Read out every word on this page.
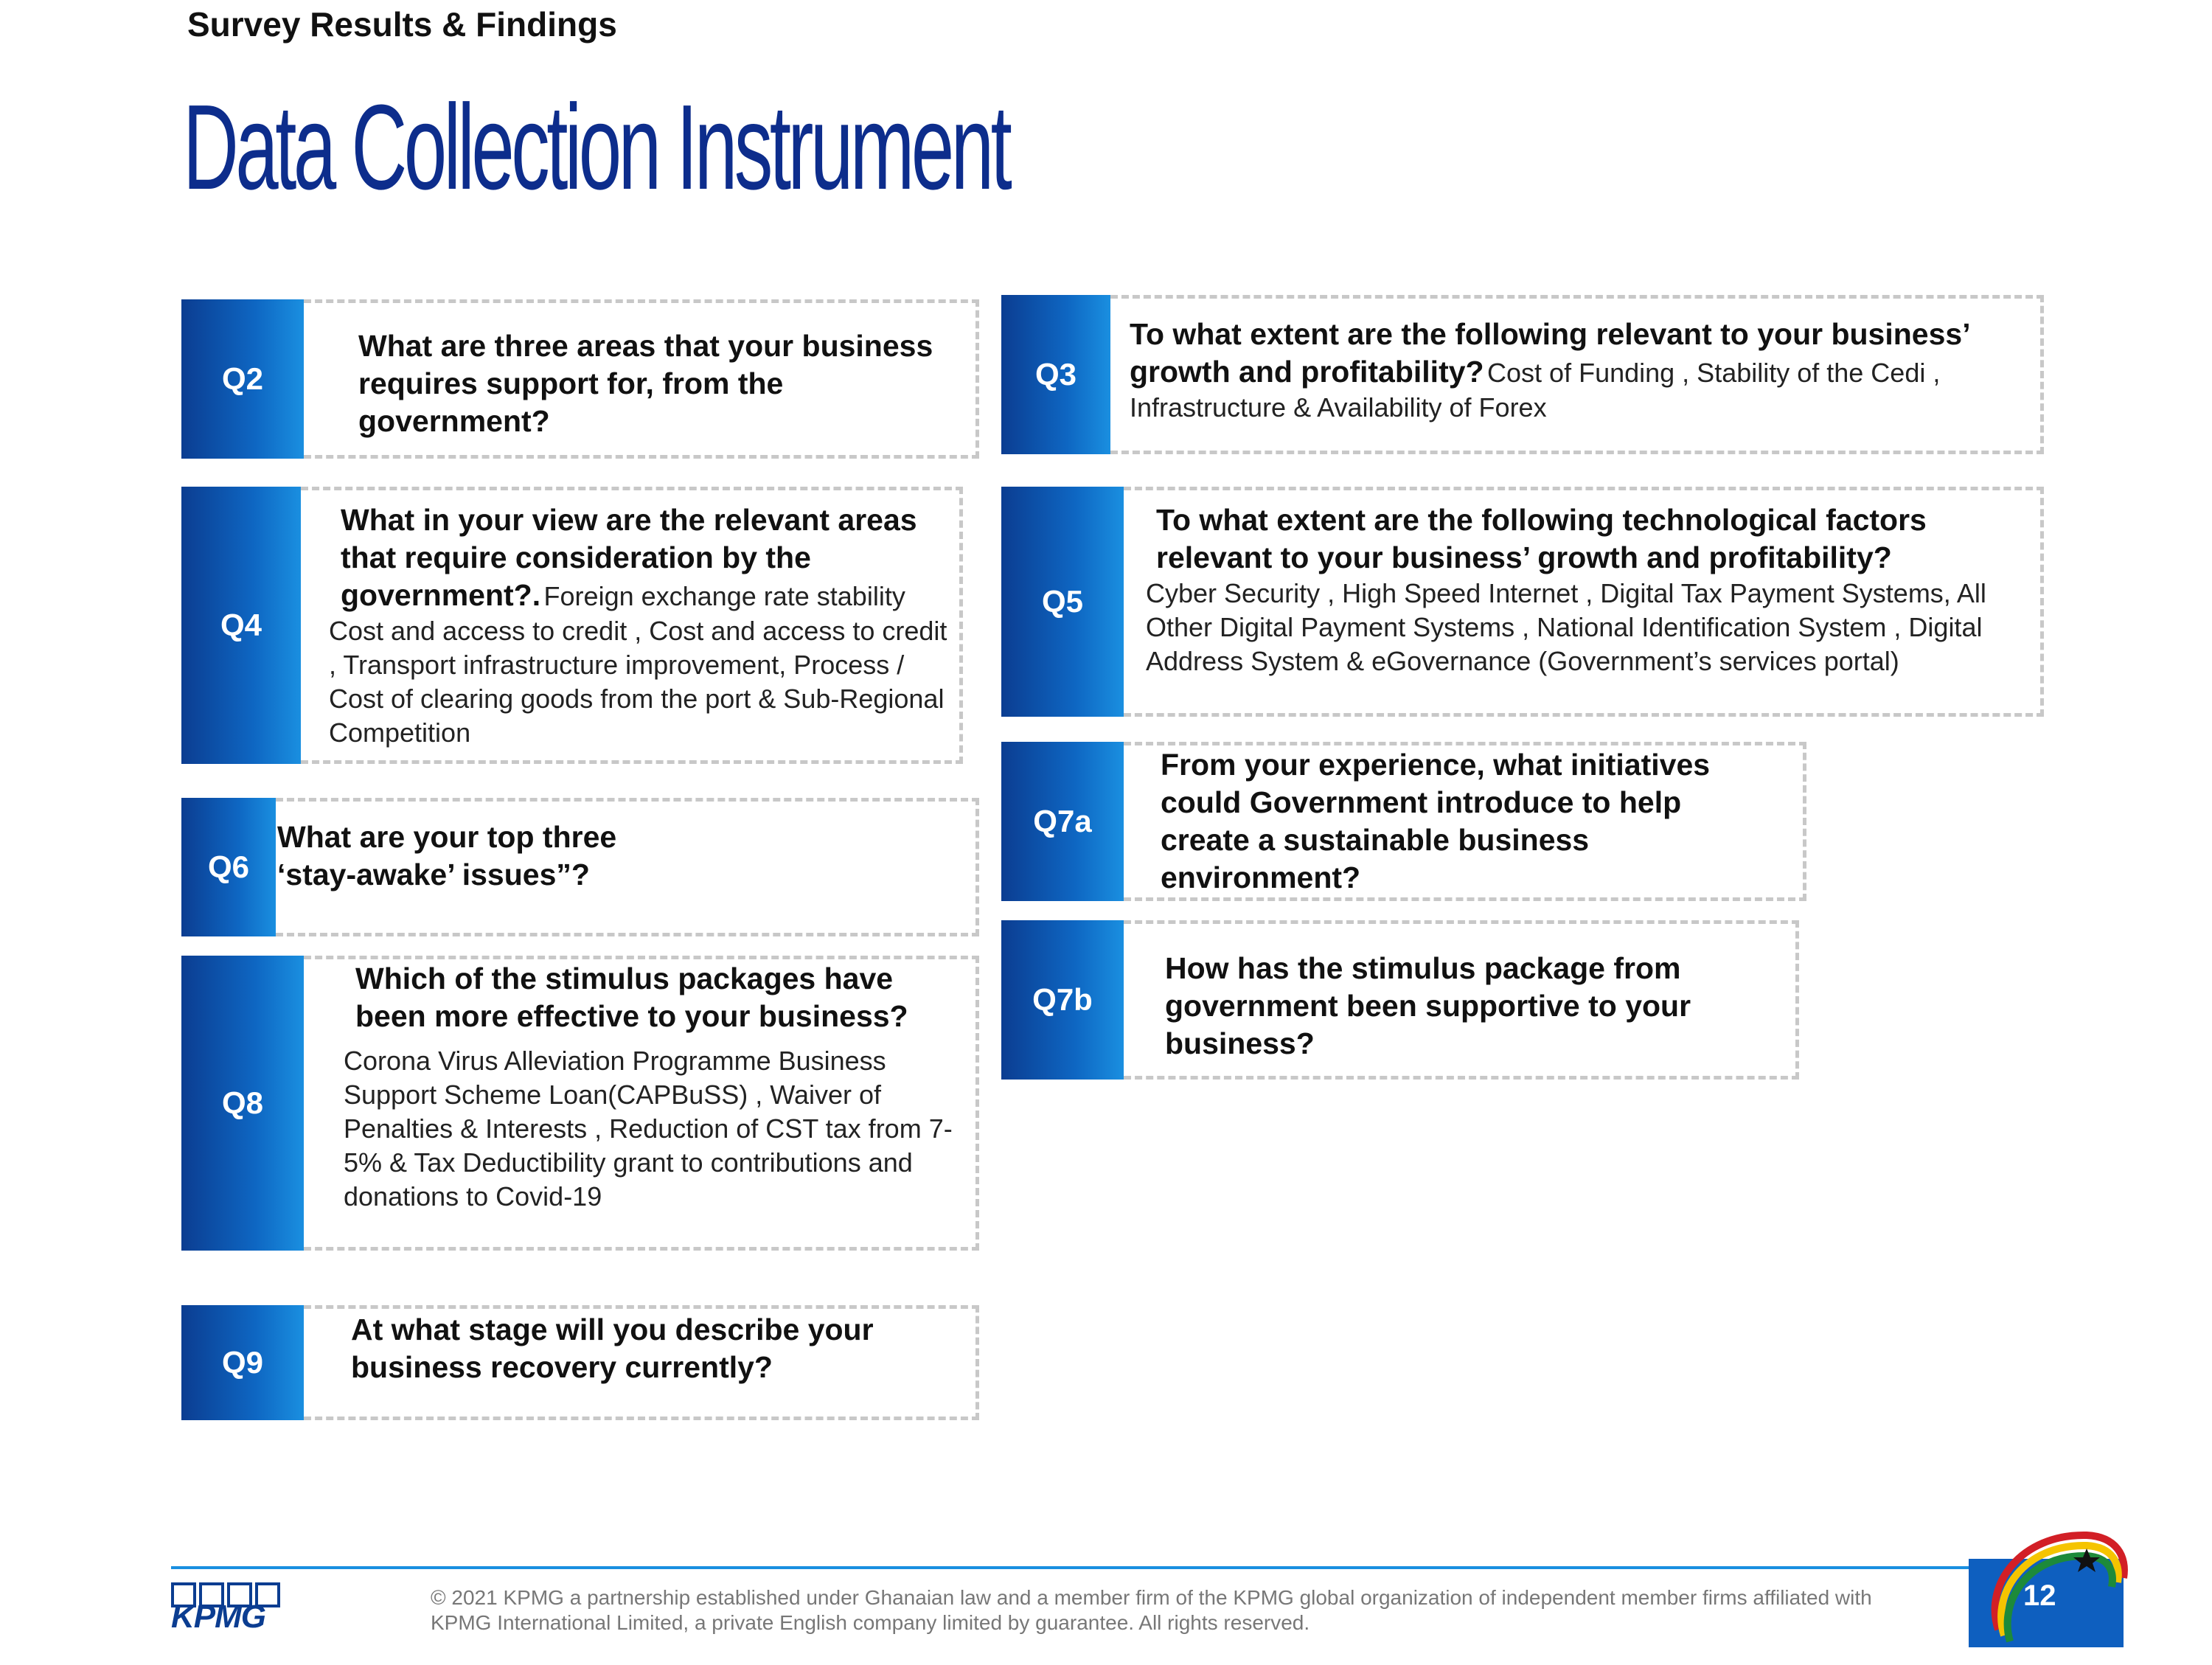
Survey Results & Findings
Data Collection Instrument
Q2
What are three areas that your business requires support for, from the government?
Q4
What in your view are the relevant areas that require consideration by the government?. Foreign exchange rate stability
Cost and access to credit , Cost and access to credit , Transport infrastructure improvement, Process / Cost of clearing goods from the port & Sub-Regional Competition
Q6
What are your top three ‘stay-awake’ issues”?
Q8
Which of the stimulus packages have been more effective to your business?
Corona Virus Alleviation Programme Business Support Scheme Loan(CAPBuSS) , Waiver of Penalties & Interests , Reduction of CST tax from 7- 5% & Tax Deductibility grant to contributions and donations to Covid-19
Q9
At what stage will you describe your business recovery currently?
Q3
To what extent are the following relevant to your business’ growth and profitability? Cost of Funding , Stability of the Cedi , Infrastructure & Availability of Forex
Q5
To what extent are the following technological factors relevant to your business’ growth and profitability?
Cyber Security , High Speed Internet , Digital Tax Payment Systems, All Other Digital Payment Systems , National Identification System , Digital Address System & eGovernance (Government’s services portal)
Q7a
From your experience, what initiatives could Government introduce to help create a sustainable business environment?
Q7b
How has the stimulus package from government been supportive to your business?
KPMG
© 2021 KPMG a partnership established under Ghanaian law and a member firm of the KPMG global organization of independent member firms affiliated with KPMG International Limited, a private English company limited by guarantee. All rights reserved.
12
